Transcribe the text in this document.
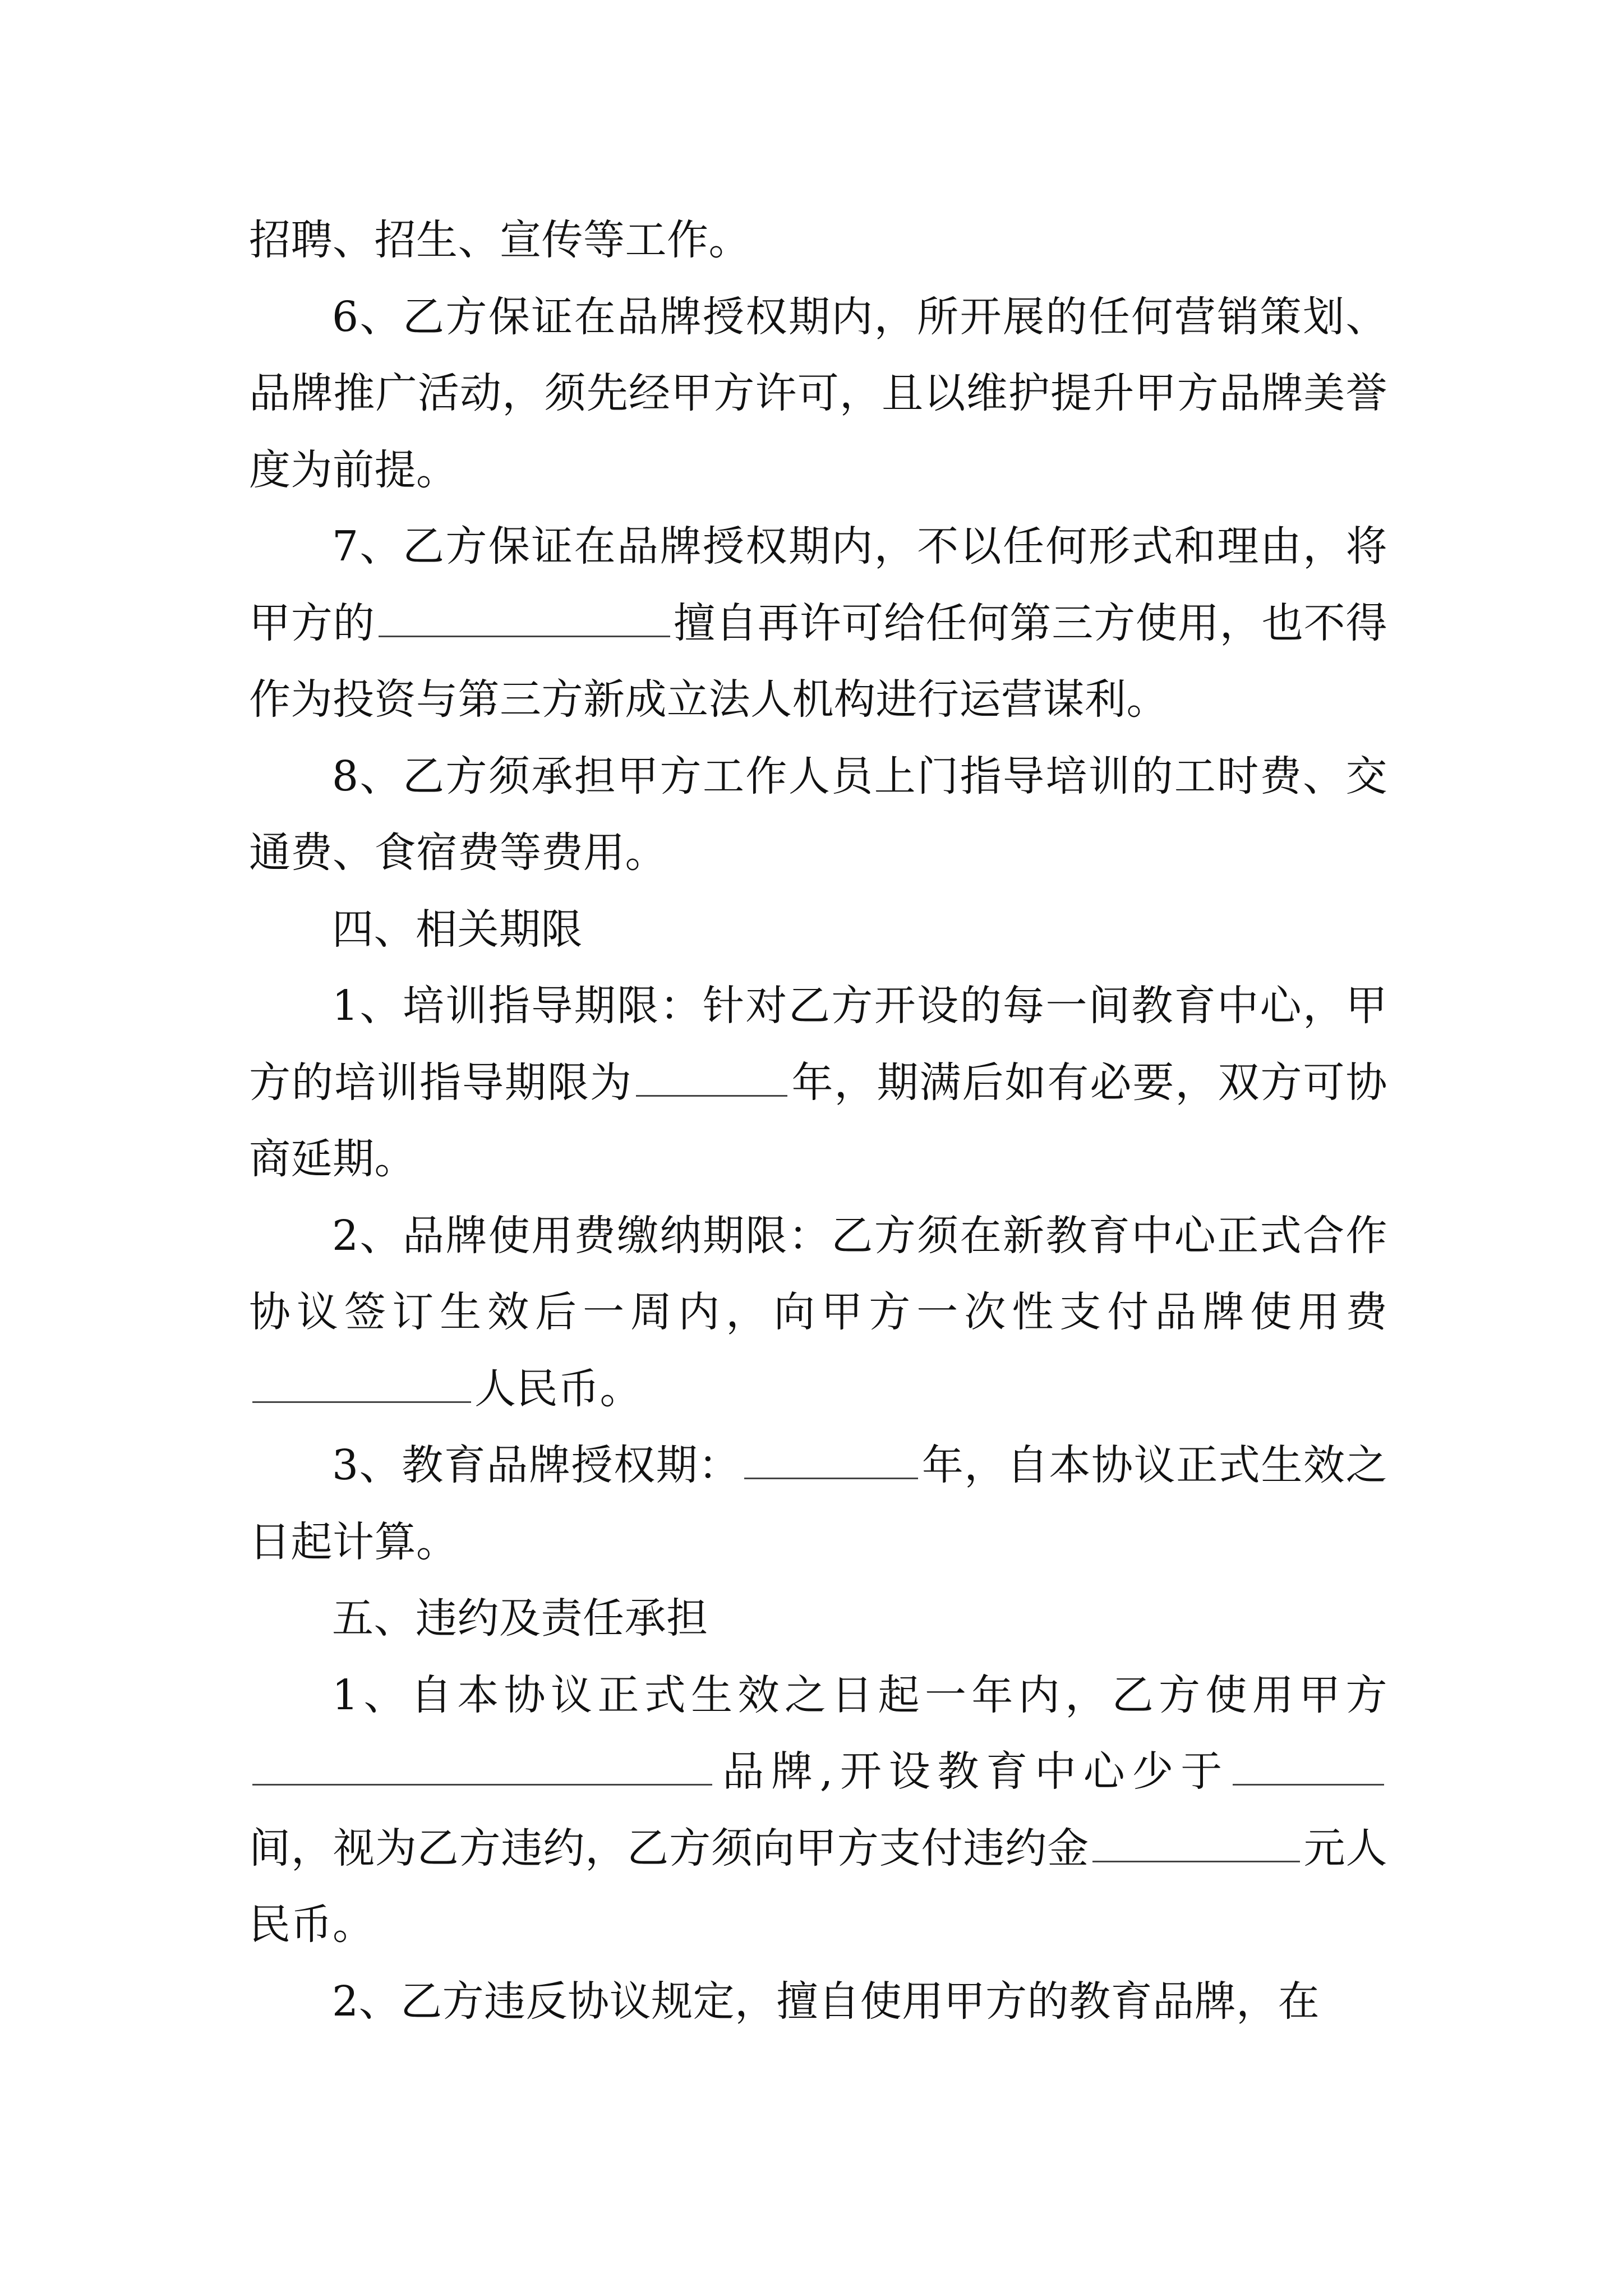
招聘、招生、宣传等工作。

6、乙方保证在品牌授权期内，所开展的任何营销策划、品牌推广活动，须先经甲方许可，且以维护提升甲方品牌美誉度为前提。

7、乙方保证在品牌授权期内，不以任何形式和理由，将甲方的	擅自再许可给任何第三方使用，也不得作为投资与第三方新成立法人机构进行运营谋利。

8、乙方须承担甲方工作人员上门指导培训的工时费、交通费、食宿费等费用。

四、相关期限

1、培训指导期限：针对乙方开设的每一间教育中心，甲方的培训指导期限为	年，期满后如有必要，双方可协商延期。

2、品牌使用费缴纳期限：乙方须在新教育中心正式合作协议签订生效后一周内，向甲方一次性支付品牌使用费人民币。

3、教育品牌授权期：	年，自本协议正式生效之日起计算。

五、违约及责任承担

1、自本协议正式生效之日起一年内，乙方使用甲方品牌,开设教育中心少于间，视为乙方违约，乙方须向甲方支付违约金	元人民币。

2、乙方违反协议规定，擅自使用甲方的教育品牌，在
